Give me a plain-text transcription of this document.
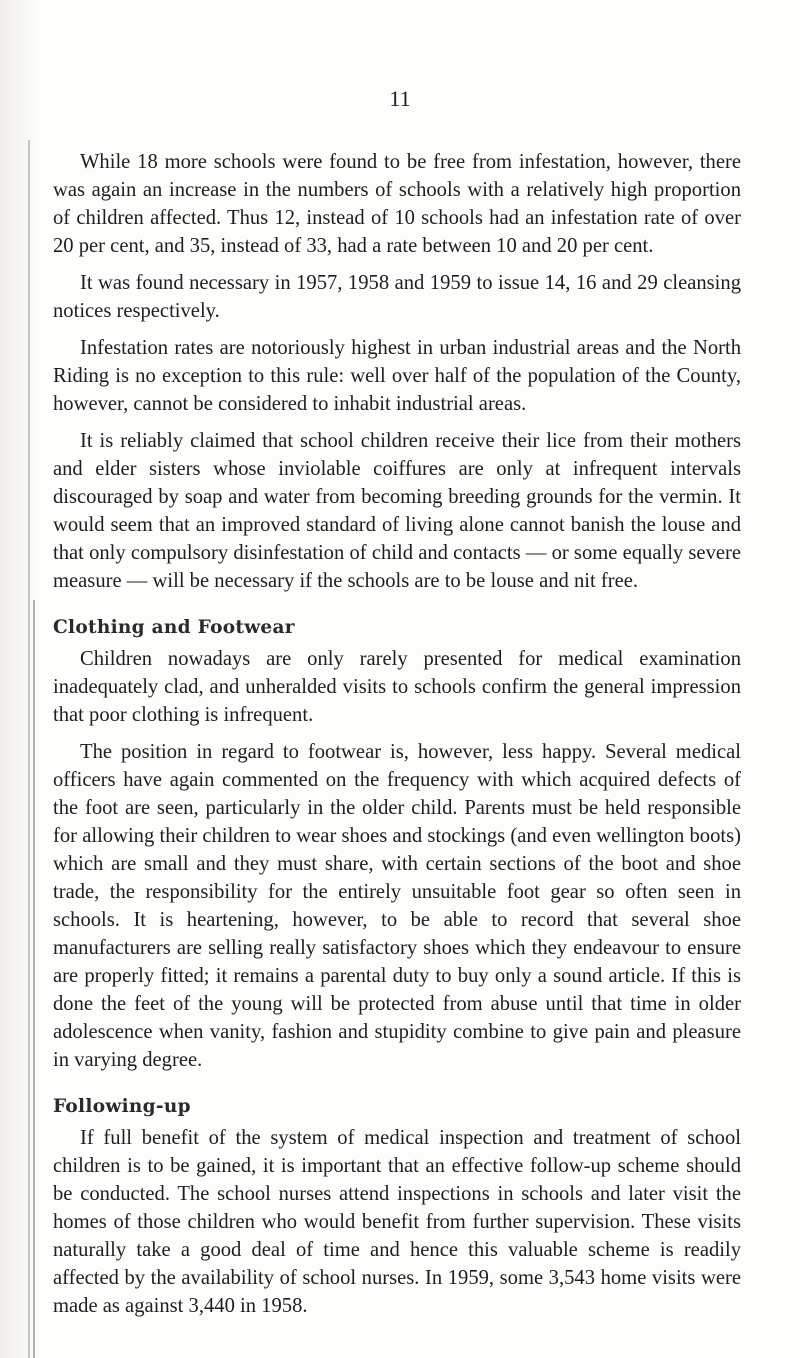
11

While 18 more schools were found to be free from infestation, however, there was again an increase in the numbers of schools with a relatively high proportion of children affected. Thus 12, instead of 10 schools had an infestation rate of over 20 per cent, and 35, instead of 33, had a rate between 10 and 20 per cent.

It was found necessary in 1957, 1958 and 1959 to issue 14, 16 and 29 cleansing notices respectively.

Infestation rates are notoriously highest in urban industrial areas and the North Riding is no exception to this rule: well over half of the population of the County, however, cannot be considered to inhabit industrial areas.

It is reliably claimed that school children receive their lice from their mothers and elder sisters whose inviolable coiffures are only at infrequent intervals discouraged by soap and water from becoming breeding grounds for the vermin. It would seem that an improved standard of living alone cannot banish the louse and that only compulsory disinfestation of child and contacts — or some equally severe measure — will be necessary if the schools are to be louse and nit free.

Clothing and Footwear

Children nowadays are only rarely presented for medical examination inadequately clad, and unheralded visits to schools confirm the general impression that poor clothing is infrequent.

The position in regard to footwear is, however, less happy. Several medical officers have again commented on the frequency with which acquired defects of the foot are seen, particularly in the older child. Parents must be held responsible for allowing their children to wear shoes and stockings (and even wellington boots) which are small and they must share, with certain sections of the boot and shoe trade, the responsibility for the entirely unsuitable foot gear so often seen in schools. It is heartening, however, to be able to record that several shoe manufacturers are selling really satisfactory shoes which they endeavour to ensure are properly fitted; it remains a parental duty to buy only a sound article. If this is done the feet of the young will be protected from abuse until that time in older adolescence when vanity, fashion and stupidity combine to give pain and pleasure in varying degree.

Following-up

If full benefit of the system of medical inspection and treatment of school children is to be gained, it is important that an effective follow-up scheme should be conducted. The school nurses attend inspections in schools and later visit the homes of those children who would benefit from further supervision. These visits naturally take a good deal of time and hence this valuable scheme is readily affected by the availability of school nurses. In 1959, some 3,543 home visits were made as against 3,440 in 1958.
